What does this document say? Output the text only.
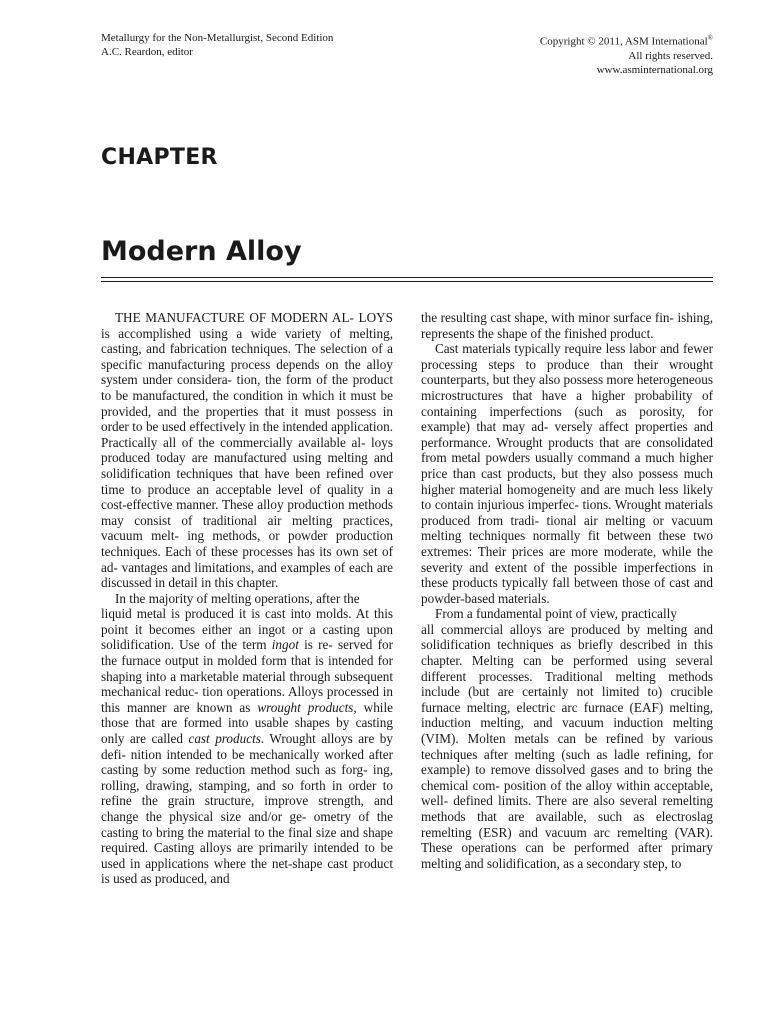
Metallurgy for the Non-Metallurgist, Second Edition
A.C. Reardon, editor
Copyright © 2011, ASM International®
All rights reserved.
www.asminternational.org
CHAPTER
Modern Alloy

THE MANUFACTURE OF MODERN AL- LOYS is accomplished using a wide variety of melting, casting, and fabrication techniques. The selection of a specific manufacturing process depends on the alloy system under considera- tion, the form of the product to be manufactured, the condition in which it must be provided, and the properties that it must possess in order to be used effectively in the intended application. Practically all of the commercially available al- loys produced today are manufactured using melting and solidification techniques that have been refined over time to produce an acceptable level of quality in a cost-effective manner. These alloy production methods may consist of traditional air melting practices, vacuum melt- ing methods, or powder production techniques. Each of these processes has its own set of ad- vantages and limitations, and examples of each are discussed in detail in this chapter.

In the majority of melting operations, after the

liquid metal is produced it is cast into molds. At this point it becomes either an ingot or a casting upon solidification. Use of the term ingot is re- served for the furnace output in molded form that is intended for shaping into a marketable material through subsequent mechanical reduc- tion operations. Alloys processed in this manner are known as wrought products, while those that are formed into usable shapes by casting only are called cast products. Wrought alloys are by defi- nition intended to be mechanically worked after casting by some reduction method such as forg- ing, rolling, drawing, stamping, and so forth in order to refine the grain structure, improve strength, and change the physical size and/or ge- ometry of the casting to bring the material to the final size and shape required. Casting alloys are primarily intended to be used in applications where the net-shape cast product is used as produced, and

the resulting cast shape, with minor surface fin- ishing, represents the shape of the finished product.

Cast materials typically require less labor and fewer processing steps to produce than their wrought counterparts, but they also possess more heterogeneous microstructures that have a higher probability of containing imperfections (such as porosity, for example) that may ad- versely affect properties and performance. Wrought products that are consolidated from metal powders usually command a much higher price than cast products, but they also possess much higher material homogeneity and are much less likely to contain injurious imperfec- tions. Wrought materials produced from tradi- tional air melting or vacuum melting techniques normally fit between these two extremes: Their prices are more moderate, while the severity and extent of the possible imperfections in these products typically fall between those of cast and powder-based materials.

From a fundamental point of view, practically

all commercial alloys are produced by melting and solidification techniques as briefly described in this chapter. Melting can be performed using several different processes. Traditional melting methods include (but are certainly not limited to) crucible furnace melting, electric arc furnace (EAF) melting, induction melting, and vacuum induction melting (VIM). Molten metals can be refined by various techniques after melting (such as ladle refining, for example) to remove dissolved gases and to bring the chemical com- position of the alloy within acceptable, well- defined limits. There are also several remelting methods that are available, such as electroslag remelting (ESR) and vacuum arc remelting (VAR). These operations can be performed after primary melting and solidification, as a secondary step, to
